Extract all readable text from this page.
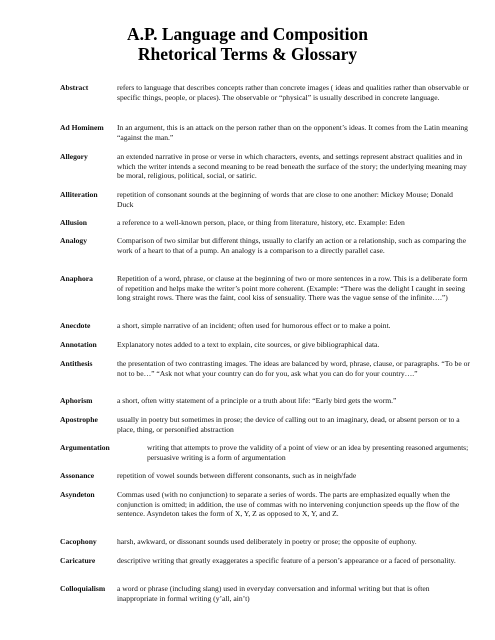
A.P. Language and Composition
Rhetorical Terms & Glossary
Abstract	refers to language that describes concepts rather than concrete images ( ideas and qualities rather than observable or specific things, people, or places). The observable or “physical” is usually described in concrete language.
Ad Hominem	In an argument, this is an attack on the person rather than on the opponent’s ideas. It comes from the Latin meaning “against the man.”
Allegory	an extended narrative in prose or verse in which characters, events, and settings represent abstract qualities and in which the writer intends a second meaning to be read beneath the surface of the story; the underlying meaning may be moral, religious, political, social, or satiric.
Alliteration	repetition of consonant sounds at the beginning of words that are close to one another: Mickey Mouse; Donald Duck
Allusion	a reference to a well-known person, place, or thing from literature, history, etc. Example: Eden
Analogy	Comparison of two similar but different things, usually to clarify an action or a relationship, such as comparing the work of a heart to that of a pump. An analogy is a comparison to a directly parallel case.
Anaphora	Repetition of a word, phrase, or clause at the beginning of two or more sentences in a row. This is a deliberate form of repetition and helps make the writer’s point more coherent. (Example: “There was the delight I caught in seeing long straight rows. There was the faint, cool kiss of sensuality. There was the vague sense of the infinite….”)
Anecdote	a short, simple narrative of an incident; often used for humorous effect or to make a point.
Annotation	Explanatory notes added to a text to explain, cite sources, or give bibliographical data.
Antithesis	the presentation of two contrasting images. The ideas are balanced by word, phrase, clause, or paragraphs. “To be or not to be…” “Ask not what your country can do for you, ask what you can do for your country….”
Aphorism	a short, often witty statement of a principle or a truth about life: “Early bird gets the worm.”
Apostrophe	usually in poetry but sometimes in prose; the device of calling out to an imaginary, dead, or absent person or to a place, thing, or personified abstraction
Argumentation	writing that attempts to prove the validity of a point of view or an idea by presenting reasoned arguments; persuasive writing is a form of argumentation
Assonance	repetition of vowel sounds between different consonants, such as in neigh/fade
Asyndeton	Commas used (with no conjunction) to separate a series of words. The parts are emphasized equally when the conjunction is omitted; in addition, the use of commas with no intervening conjunction speeds up the flow of the sentence. Asyndeton takes the form of X, Y, Z as opposed to X, Y, and Z.
Cacophony	harsh, awkward, or dissonant sounds used deliberately in poetry or prose; the opposite of euphony.
Caricature	descriptive writing that greatly exaggerates a specific feature of a person’s appearance or a faced of personality.
Colloquialism	a word or phrase (including slang) used in everyday conversation and informal writing but that is often inappropriate in formal writing (y’all, ain’t)
